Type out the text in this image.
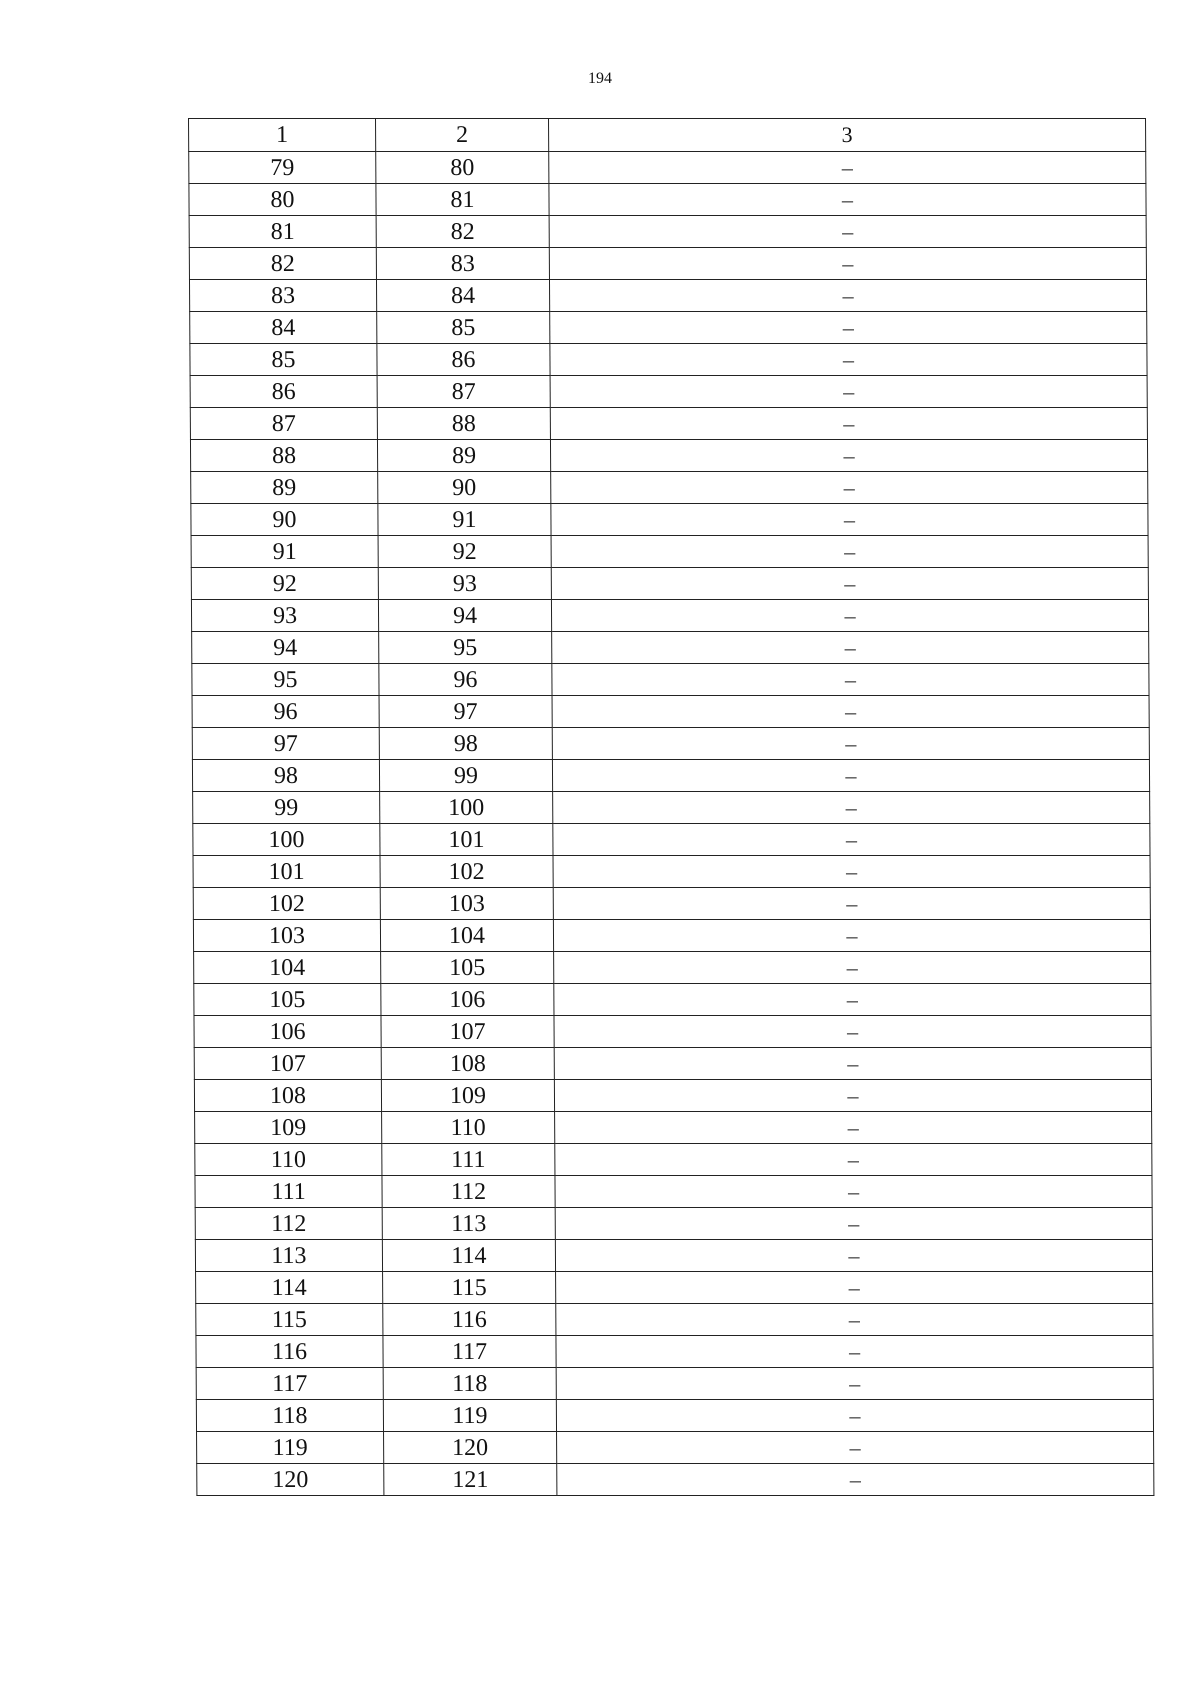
194
1	2	3
79	80	–
80	81	–
81	82	–
82	83	–
83	84	–
84	85	–
85	86	–
86	87	–
87	88	–
88	89	–
89	90	–
90	91	–
91	92	–
92	93	–
93	94	–
94	95	–
95	96	–
96	97	–
97	98	–
98	99	–
99	100	–
100	101	–
101	102	–
102	103	–
103	104	–
104	105	–
105	106	–
106	107	–
107	108	–
108	109	–
109	110	–
110	111	–
111	112	–
112	113	–
113	114	–
114	115	–
115	116	–
116	117	–
117	118	–
118	119	–
119	120	–
120	121	–
